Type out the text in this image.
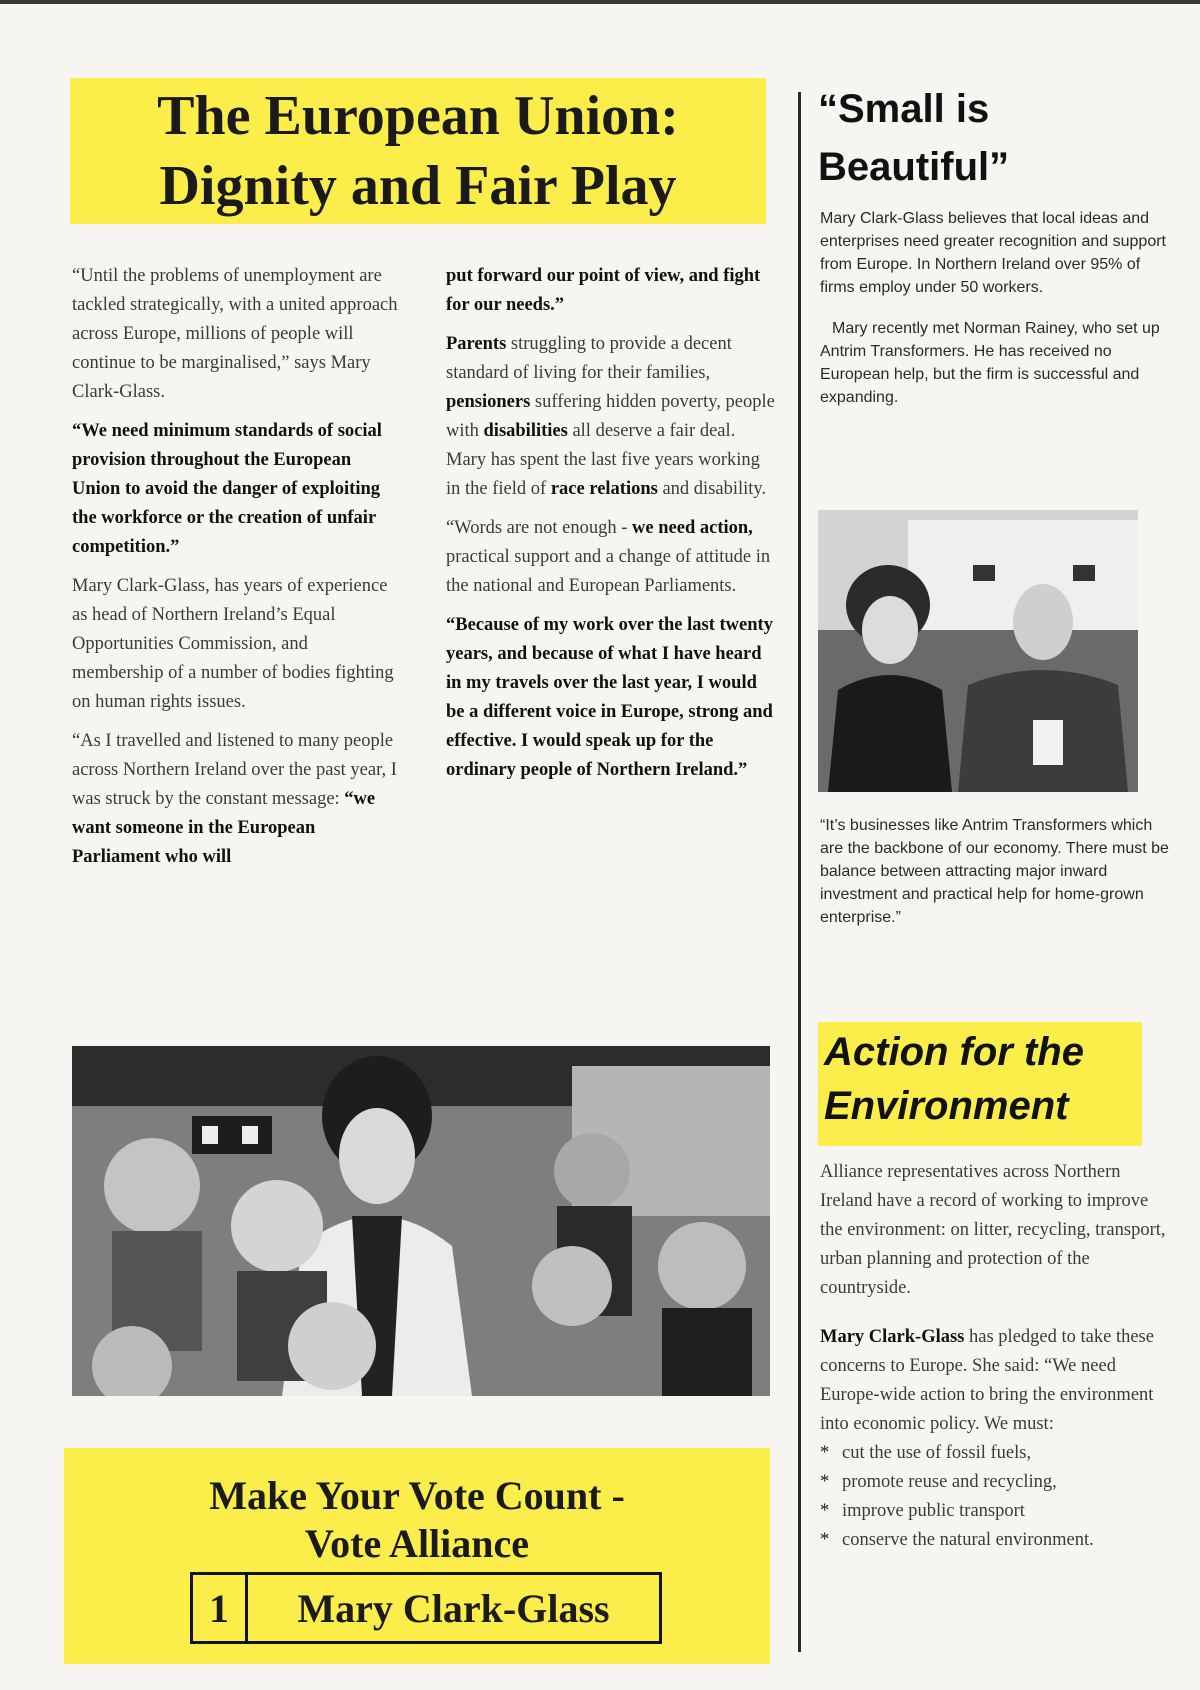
The European Union:
Dignity and Fair Play

“Until the problems of unemployment are tackled strategically, with a united approach across Europe, millions of people will continue to be marginalised,” says Mary Clark-Glass.

“We need minimum standards of social provision throughout the European Union to avoid the danger of exploiting the workforce or the creation of unfair competition.”

Mary Clark-Glass, has years of experience as head of Northern Ireland’s Equal Opportunities Commission, and membership of a number of bodies fighting on human rights issues.

“As I travelled and listened to many people across Northern Ireland over the past year, I was struck by the constant message: “we want someone in the European Parliament who will

put forward our point of view, and fight for our needs.”

Parents struggling to provide a decent standard of living for their families, pensioners suffering hidden poverty, people with disabilities all deserve a fair deal. Mary has spent the last five years working in the field of race relations and disability.

“Words are not enough - we need action, practical support and a change of attitude in the national and European Parliaments.

“Because of my work over the last twenty years, and because of what I have heard in my travels over the last year, I would be a different voice in Europe, strong and effective. I would speak up for the ordinary people of Northern Ireland.”

Make Your Vote Count -
Vote Alliance
1	Mary Clark-Glass
“Small is
Beautiful”

Mary Clark-Glass believes that local ideas and enterprises need greater recognition and support from Europe. In Northern Ireland over 95% of firms employ under 50 workers.

Mary recently met Norman Rainey, who set up Antrim Transformers. He has received no European help, but the firm is successful and expanding.

“It’s businesses like Antrim Transformers which are the backbone of our economy. There must be balance between attracting major inward investment and practical help for home-grown enterprise.”

Action for the
Environment

Alliance representatives across Northern Ireland have a record of working to improve the environment: on litter, recycling, transport, urban planning and protection of the countryside.

Mary Clark-Glass has pledged to take these concerns to Europe. She said: “We need Europe-wide action to bring the environment into economic policy. We must:

* cut the use of fossil fuels,
* promote reuse and recycling,
* improve public transport
* conserve the natural environment.
